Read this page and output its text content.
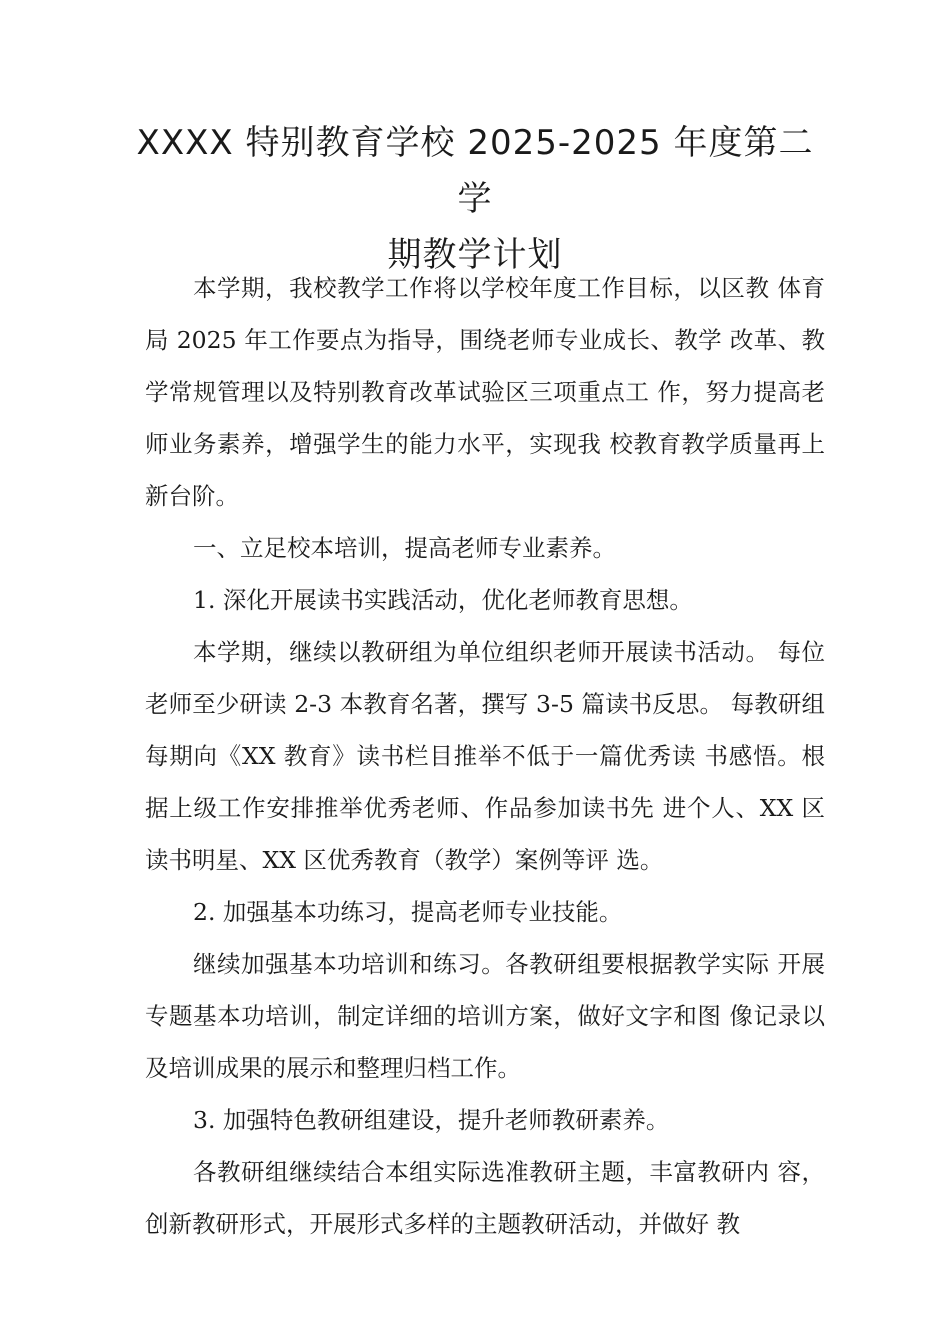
XXXX 特别教育学校 2025-2025 年度第二学
期教学计划

本学期，我校教学工作将以学校年度工作目标，以区教 体育局 2025 年工作要点为指导，围绕老师专业成长、教学 改革、教学常规管理以及特别教育改革试验区三项重点工 作，努力提高老师业务素养，增强学生的能力水平，实现我 校教育教学质量再上新台阶。

一、立足校本培训，提高老师专业素养。

1. 深化开展读书实践活动，优化老师教育思想。

本学期，继续以教研组为单位组织老师开展读书活动。 每位老师至少研读 2-3 本教育名著，撰写 3-5 篇读书反思。 每教研组每期向《XX 教育》读书栏目推举不低于一篇优秀读 书感悟。根据上级工作安排推举优秀老师、作品参加读书先 进个人、XX 区读书明星、XX 区优秀教育（教学）案例等评 选。

2. 加强基本功练习，提高老师专业技能。

继续加强基本功培训和练习。各教研组要根据教学实际 开展专题基本功培训，制定详细的培训方案，做好文字和图 像记录以及培训成果的展示和整理归档工作。

3. 加强特色教研组建设，提升老师教研素养。

各教研组继续结合本组实际选准教研主题，丰富教研内 容，创新教研形式，开展形式多样的主题教研活动，并做好 教
